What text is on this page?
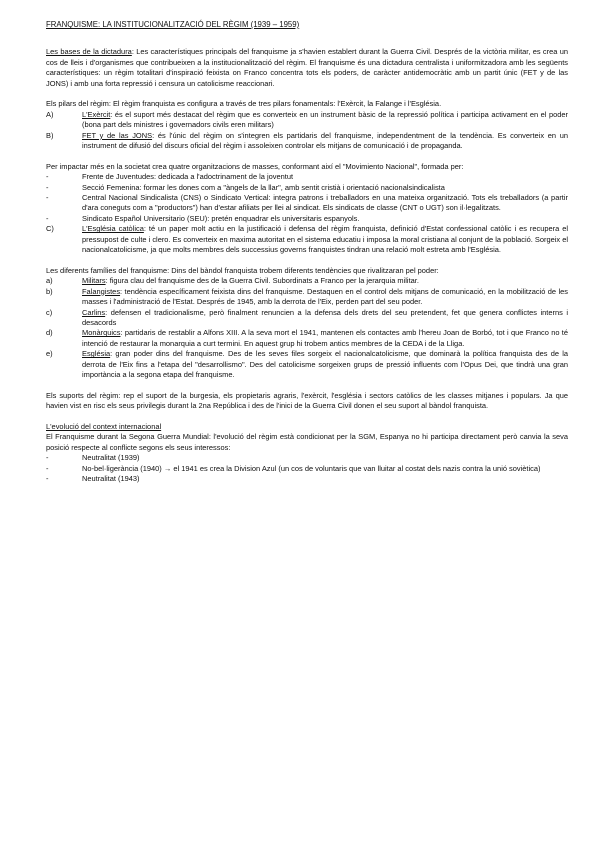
FRANQUISME: LA INSTITUCIONALITZACIÓ DEL RÈGIM (1939 – 1959)

Les bases de la dictadura: Les característiques principals del franquisme ja s'havien establert durant la Guerra Civil. Després de la victòria militar, es crea un cos de lleis i d'organismes que contribueixen a la institucionalització del règim. El franquisme és una dictadura centralista i uniformitzadora amb les següents característiques: un règim totalitari d'inspiració feixista on Franco concentra tots els poders, de caràcter antidemocràtic amb un partit únic (FET y de las JONS) i amb una forta repressió i censura un catolicisme reaccionari.

Els pilars del règim: El règim franquista es configura a través de tres pilars fonamentals: l'Exèrcit, la Falange i l'Església.

A)	L'Exèrcit: és el suport més destacat del règim que es converteix en un instrument bàsic de la repressió política i participa activament en el poder (bona part dels ministres i governadors civils eren militars)
B)	FET y de las JONS: és l'únic del règim on s'integren els partidaris del franquisme, independentment de la tendència. Es converteix en un instrument de difusió del discurs oficial del règim i assoleixen controlar els mitjans de comunicació i de propaganda.

Per impactar més en la societat crea quatre organitzacions de masses, conformant així el "Movimiento Nacional", formada per:

-	Frente de Juventudes: dedicada a l'adoctrinament de la joventut
-	Secció Femenina: formar les dones com a "àngels de la llar", amb sentit cristià i orientació nacionalsindicalista
-	Central Nacional Sindicalista (CNS) o Sindicato Vertical: integra patrons i treballadors en una mateixa organització. Tots els treballadors (a partir d'ara coneguts com a "productors") han d'estar afiliats per llei al sindicat. Els sindicats de classe (CNT o UGT) son il·legalitzats.
-	Sindicato Español Universitario (SEU): pretén enquadrar els universitaris espanyols.
C)	L'Església catòlica: té un paper molt actiu en la justificació i defensa del règim franquista, definició d'Estat confessional catòlic i es recupera el pressupost de culte i clero. Es converteix en maxima autoritat en el sistema educatiu i imposa la moral cristiana al conjunt de la població. Sorgeix el nacionalcatolicisme, ja que molts membres dels successius governs franquistes tindran una relació molt estreta amb l'Església.

Les diferents famílies del franquisme: Dins del bàndol franquista trobem diferents tendències que rivalitzaran pel poder:

a)	Militars: figura clau del franquisme des de la Guerra Civil. Subordinats a Franco per la jerarquia militar.
b)	Falangistes: tendència específicament feixista dins del franquisme. Destaquen en el control dels mitjans de comunicació, en la mobilització de les masses i l'administració de l'Estat. Després de 1945, amb la derrota de l'Eix, perden part del seu poder.
c)	Carlins: defensen el tradicionalisme, però finalment renuncien a la defensa dels drets del seu pretendent, fet que genera conflictes interns i desacords
d)	Monàrquics: partidaris de restablir a Alfons XIII. A la seva mort el 1941, mantenen els contactes amb l'hereu Joan de Borbó, tot i que Franco no té intenció de restaurar la monarquia a curt termini. En aquest grup hi trobem antics membres de la CEDA i de la Lliga.
e)	Església: gran poder dins del franquisme. Des de les seves files sorgeix el nacionalcatolicisme, que dominarà la política franquista des de la derrota de l'Eix fins a l'etapa del "desarrollismo". Des del catolicisme sorgeixen grups de pressió influents com l'Opus Dei, que tindrà una gran importància a la segona etapa del franquisme.

Els suports del règim: rep el suport de la burgesia, els propietaris agraris, l'exèrcit, l'església i sectors catòlics de les classes mitjanes i populars. Ja que havien vist en risc els seus privilegis durant la 2na República i des de l'inici de la Guerra Civil donen el seu suport al bàndol franquista.

L'evolució del context internacional

El Franquisme durant la Segona Guerra Mundial: l'evolució del règim està condicionat per la SGM, Espanya no hi participa directament però canvia la seva posició respecte al conflicte segons els seus interessos:

-	Neutralitat (1939)
-	No-bel·ligerància (1940) → el 1941 es crea la Division Azul (un cos de voluntaris que van lluitar al costat dels nazis contra la unió soviètica)
-	Neutralitat (1943)
